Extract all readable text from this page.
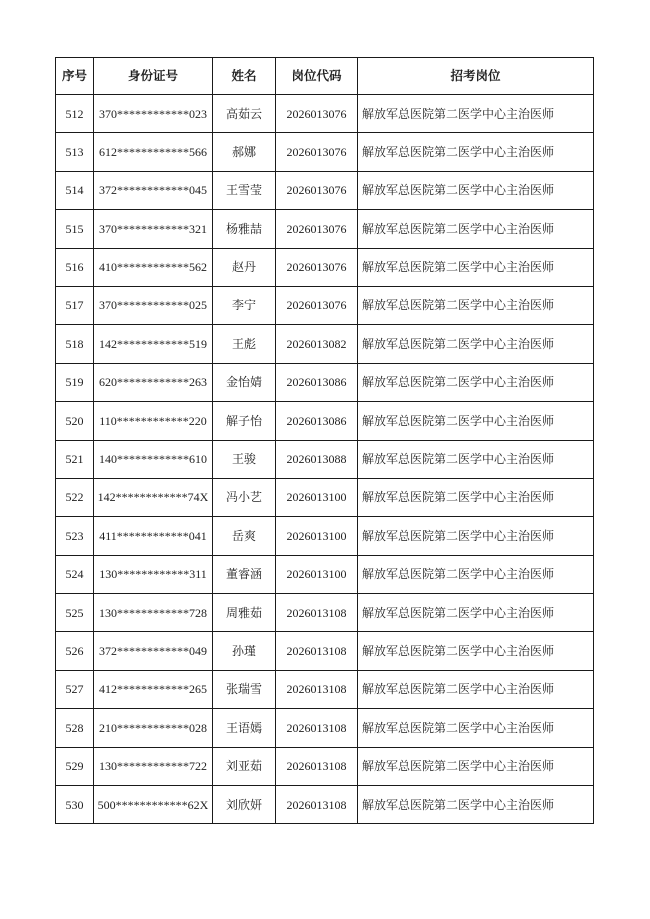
序号	身份证号	姓名	岗位代码	招考岗位
512	370************023	高茹云	2026013076	解放军总医院第二医学中心主治医师
513	612************566	郝娜	2026013076	解放军总医院第二医学中心主治医师
514	372************045	王雪莹	2026013076	解放军总医院第二医学中心主治医师
515	370************321	杨雅喆	2026013076	解放军总医院第二医学中心主治医师
516	410************562	赵丹	2026013076	解放军总医院第二医学中心主治医师
517	370************025	李宁	2026013076	解放军总医院第二医学中心主治医师
518	142************519	王彪	2026013082	解放军总医院第二医学中心主治医师
519	620************263	金怡婧	2026013086	解放军总医院第二医学中心主治医师
520	110************220	解子怡	2026013086	解放军总医院第二医学中心主治医师
521	140************610	王骏	2026013088	解放军总医院第二医学中心主治医师
522	142************74X	冯小艺	2026013100	解放军总医院第二医学中心主治医师
523	411************041	岳爽	2026013100	解放军总医院第二医学中心主治医师
524	130************311	董睿涵	2026013100	解放军总医院第二医学中心主治医师
525	130************728	周雅茹	2026013108	解放军总医院第二医学中心主治医师
526	372************049	孙瑾	2026013108	解放军总医院第二医学中心主治医师
527	412************265	张瑞雪	2026013108	解放军总医院第二医学中心主治医师
528	210************028	王语嫣	2026013108	解放军总医院第二医学中心主治医师
529	130************722	刘亚茹	2026013108	解放军总医院第二医学中心主治医师
530	500************62X	刘欣妍	2026013108	解放军总医院第二医学中心主治医师
